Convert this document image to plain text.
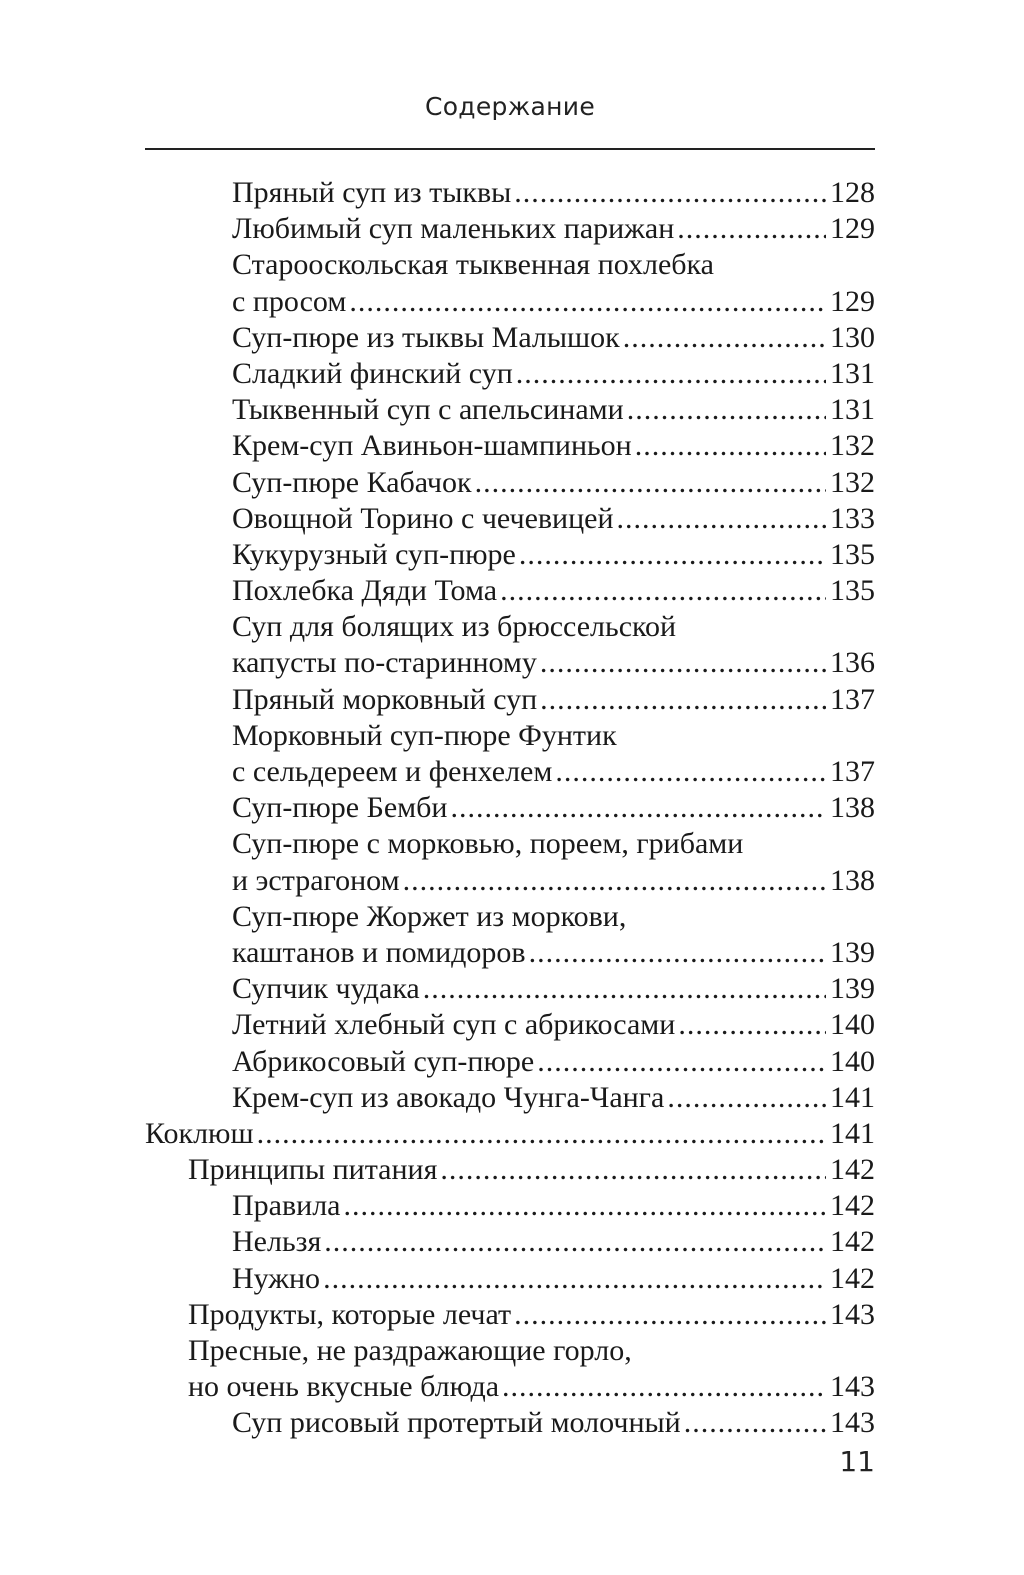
Содержание
Пряный суп из тыквы .....	128
Любимый суп маленьких парижан .....	129
Старооскольская тыквенная похлебка
с просом .....	129
Суп-пюре из тыквы Малышок .....	130
Сладкий финский суп .....	131
Тыквенный суп с апельсинами .....	131
Крем-суп Авиньон-шампиньон .....	132
Суп-пюре Кабачок .....	132
Овощной Торино с чечевицей .....	133
Кукурузный суп-пюре .....	135
Похлебка Дяди Тома .....	135
Суп для болящих из брюссельской
капусты по-старинному .....	136
Пряный морковный суп .....	137
Морковный суп-пюре Фунтик
с сельдереем и фенхелем .....	137
Суп-пюре Бемби .....	138
Суп-пюре с морковью, пореем, грибами
и эстрагоном .....	138
Суп-пюре Жоржет из моркови,
каштанов и помидоров .....	139
Супчик чудака .....	139
Летний хлебный суп с абрикосами .....	140
Абрикосовый суп-пюре .....	140
Крем-суп из авокадо Чунга-Чанга .....	141
Коклюш .....	141
Принципы питания .....	142
Правила .....	142
Нельзя .....	142
Нужно .....	142
Продукты, которые лечат .....	143
Пресные, не раздражающие горло,
но очень вкусные блюда .....	143
Суп рисовый протертый молочный .....	143
11
